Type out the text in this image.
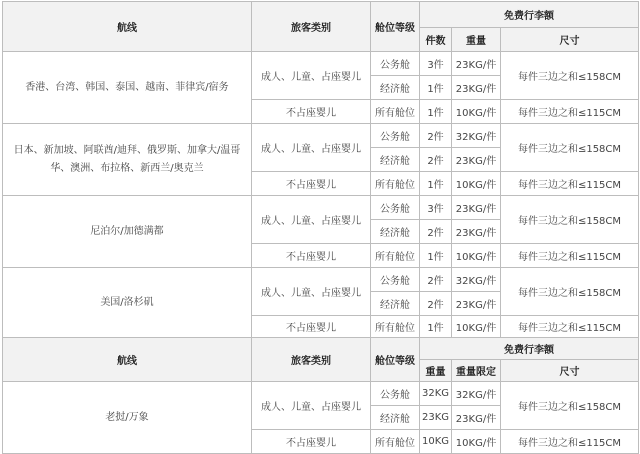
航线	旅客类别	舱位等级	免费行李额		
			件数	重量	尺寸
香港、台湾、韩国、泰国、越南、菲律宾/宿务	成人、儿童、占座婴儿	公务舱	3件	23KG/件	每件三边之和≤158CM
		经济舱	1件	23KG/件	
	不占座婴儿	所有舱位	1件	10KG/件	每件三边之和≤115CM
日本、新加坡、阿联酋/迪拜、俄罗斯、加拿大/温哥华、澳洲、布拉格、新西兰/奥克兰	成人、儿童、占座婴儿	公务舱	2件	32KG/件	每件三边之和≤158CM
		经济舱	2件	23KG/件	
	不占座婴儿	所有舱位	1件	10KG/件	每件三边之和≤115CM
尼泊尔/加德满都	成人、儿童、占座婴儿	公务舱	3件	23KG/件	每件三边之和≤158CM
		经济舱	2件	23KG/件	
	不占座婴儿	所有舱位	1件	10KG/件	每件三边之和≤115CM
美国/洛杉矶	成人、儿童、占座婴儿	公务舱	2件	32KG/件	每件三边之和≤158CM
		经济舱	2件	23KG/件	
	不占座婴儿	所有舱位	1件	10KG/件	每件三边之和≤115CM
航线	旅客类别	舱位等级	免费行李额		
			重量	重量限定	尺寸
老挝/万象	成人、儿童、占座婴儿	公务舱	32KG	32KG/件	每件三边之和≤158CM
		经济舱	23KG	23KG/件	
	不占座婴儿	所有舱位	10KG	10KG/件	每件三边之和≤115CM
